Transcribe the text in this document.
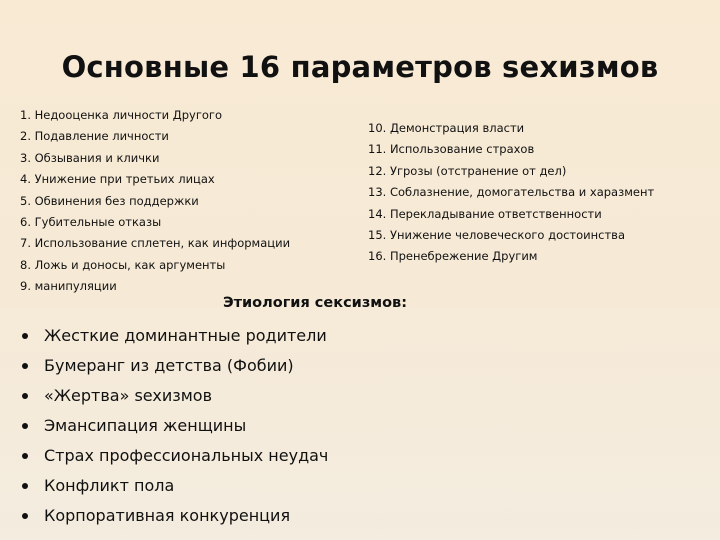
Основные 16 параметров sexизмов
1. Недооценка личности Другого
2. Подавление личности
3. Обзывания и клички
4. Унижение при третьих лицах
5. Обвинения без поддержки
6. Губительные отказы
7. Использование сплетен, как информации
8. Ложь и доносы, как аргументы
9. манипуляции
10. Демонстрация власти
11. Использование страхов
12. Угрозы (отстранение от дел)
13. Соблазнение, домогательства и харазмент
14. Перекладывание ответственности
15. Унижение человеческого достоинства
16. Пренебрежение Другим
Этиология сексизмов:
Жесткие доминантные родители
Бумеранг из детства (Фобии)
«Жертва» sexизмов
Эмансипация женщины
Страх профессиональных неудач
Конфликт пола
Корпоративная конкуренция
